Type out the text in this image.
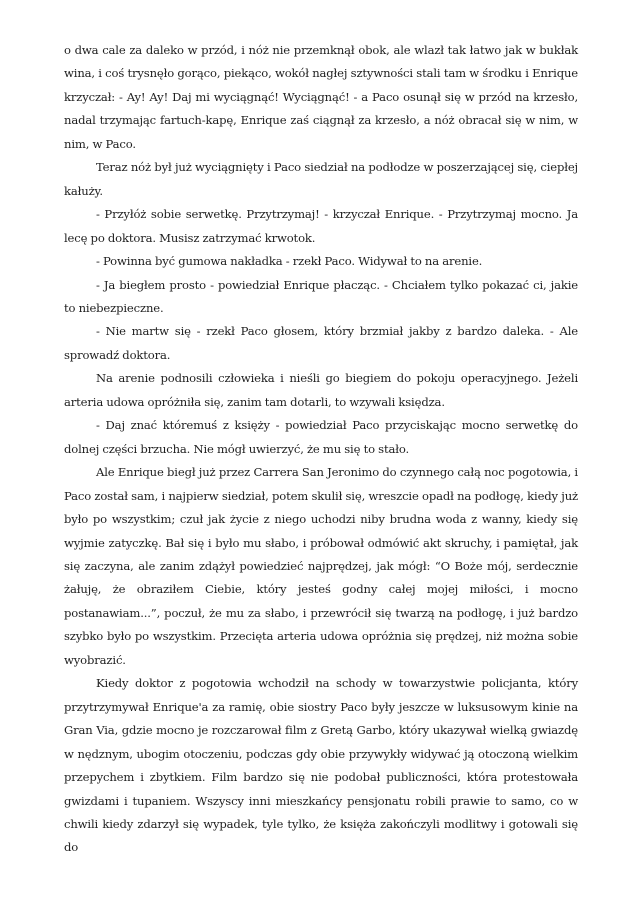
o dwa cale za daleko w przód, i nóż nie przemknął obok, ale wlazł tak łatwo jak w bukłak wina, i coś trysnęło gorąco, piekąco, wokół nagłej sztywności stali tam w środku i Enrique krzyczał: - Ay! Ay! Daj mi wyciągnąć! Wyciągnąć! - a Paco osunął się w przód na krzesło, nadal trzymając fartuch-kapę, Enrique zaś ciągnął za krzesło, a nóż obracał się w nim, w nim, w Paco.

Teraz nóż był już wyciągnięty i Paco siedział na podłodze w poszerzającej się, ciepłej kałuży.

- Przyłóż sobie serwetkę. Przytrzymaj! - krzyczał Enrique. - Przytrzymaj mocno. Ja lecę po doktora. Musisz zatrzymać krwotok.

- Powinna być gumowa nakładka - rzekł Paco. Widywał to na arenie.

- Ja biegłem prosto - powiedział Enrique płacząc. - Chciałem tylko pokazać ci, jakie to niebezpieczne.

- Nie martw się - rzekł Paco głosem, który brzmiał jakby z bardzo daleka. - Ale sprowadź doktora.

Na arenie podnosili człowieka i nieśli go biegiem do pokoju operacyjnego. Jeżeli arteria udowa opróżniła się, zanim tam dotarli, to wzywali księdza.

- Daj znać któremuś z księży - powiedział Paco przyciskając mocno serwetkę do dolnej części brzucha. Nie mógł uwierzyć, że mu się to stało.

Ale Enrique biegł już przez Carrera San Jeronimo do czynnego całą noc pogotowia, i Paco został sam, i najpierw siedział, potem skulił się, wreszcie opadł na podłogę, kiedy już było po wszystkim; czuł jak życie z niego uchodzi niby brudna woda z wanny, kiedy się wyjmie zatyczkę. Bał się i było mu słabo, i próbował odmówić akt skruchy, i pamiętał, jak się zaczyna, ale zanim zdążył powiedzieć najprędzej, jak mógł: “O Boże mój, serdecznie żałuję, że obraziłem Ciebie, który jesteś godny całej mojej miłości, i mocno postanawiam...”, poczuł, że mu za słabo, i przewrócił się twarzą na podłogę, i już bardzo szybko było po wszystkim. Przecięta arteria udowa opróżnia się prędzej, niż można sobie wyobrazić.

Kiedy doktor z pogotowia wchodził na schody w towarzystwie policjanta, który przytrzymywał Enrique'a za ramię, obie siostry Paco były jeszcze w luksusowym kinie na Gran Via, gdzie mocno je rozczarował film z Gretą Garbo, który ukazywał wielką gwiazdę w nędznym, ubogim otoczeniu, podczas gdy obie przywykły widywać ją otoczoną wielkim przepychem i zbytkiem. Film bardzo się nie podobał publiczności, która protestowała gwizdami i tupaniem. Wszyscy inni mieszkańcy pensjonatu robili prawie to samo, co w chwili kiedy zdarzył się wypadek, tyle tylko, że księża zakończyli modlitwy i gotowali się do
